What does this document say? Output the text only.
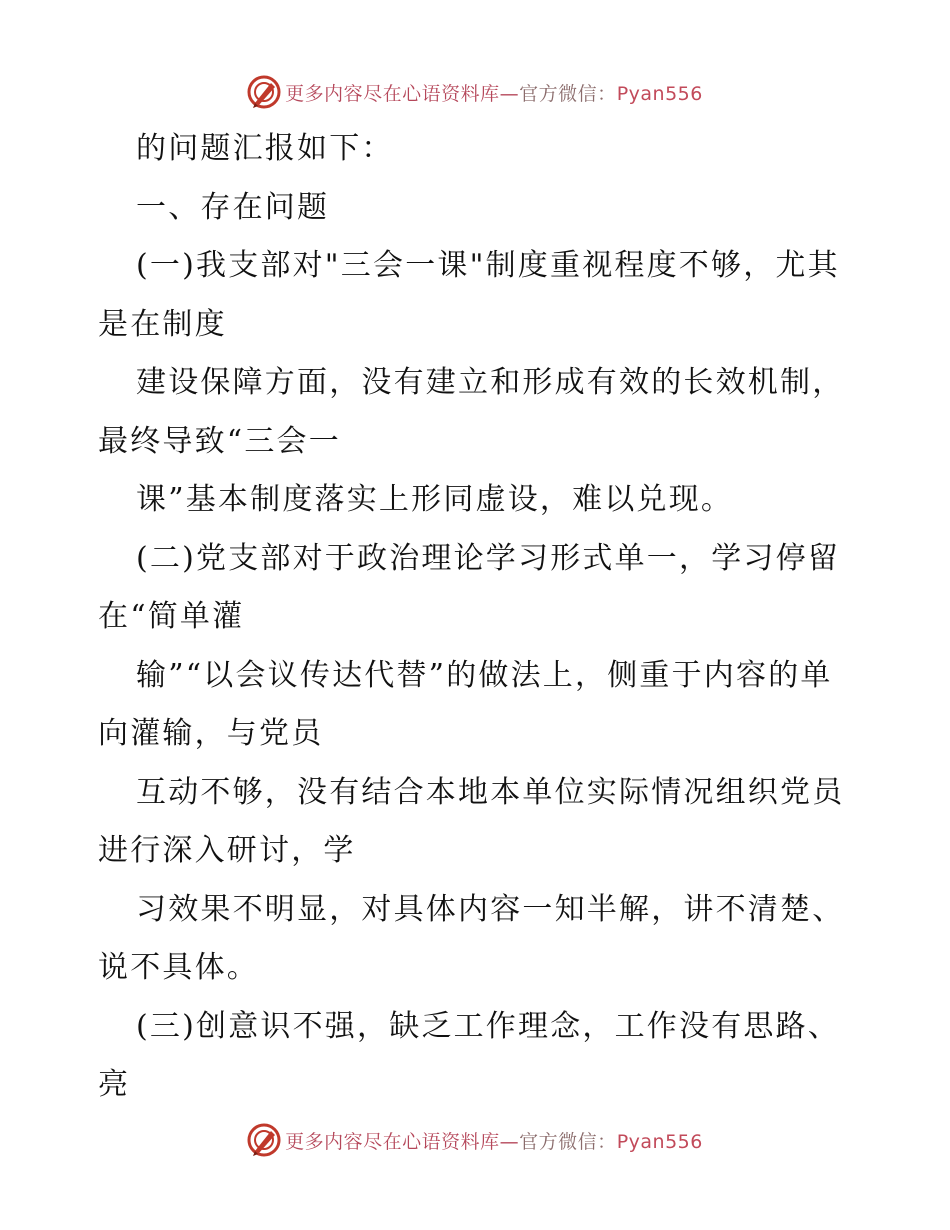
更多内容尽在心语资料库—官方微信：Pyan556

的问题汇报如下：

一、存在问题

(一)我支部对"三会一课"制度重视程度不够，尤其是在制度

建设保障方面，没有建立和形成有效的长效机制，最终导致“三会一

课”基本制度落实上形同虚设，难以兑现。

(二)党支部对于政治理论学习形式单一，学习停留在“简单灌

输”“以会议传达代替”的做法上，侧重于内容的单向灌输，与党员

互动不够，没有结合本地本单位实际情况组织党员进行深入研讨，学

习效果不明显，对具体内容一知半解，讲不清楚、说不具体。

(三)创意识不强，缺乏工作理念，工作没有思路、亮

更多内容尽在心语资料库—官方微信：Pyan556
